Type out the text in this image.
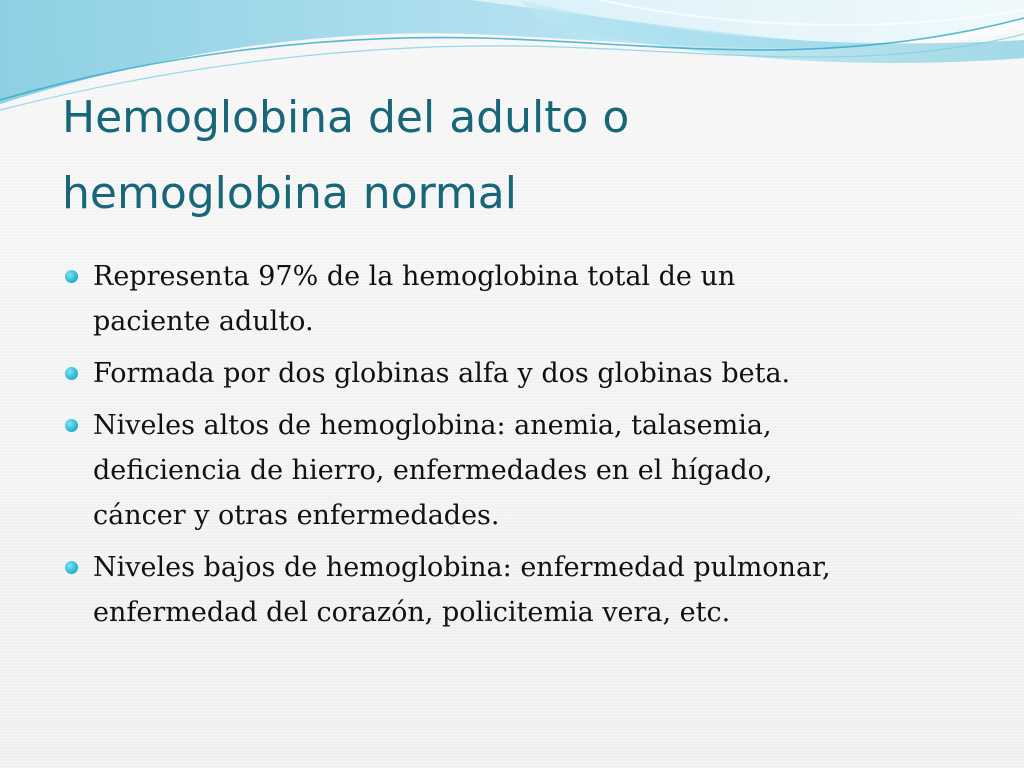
Hemoglobina del adulto o
hemoglobina normal
Representa 97% de la hemoglobina total de un
paciente adulto.
Formada por dos globinas alfa y dos globinas beta.
Niveles altos de hemoglobina: anemia, talasemia,
deficiencia de hierro, enfermedades en el hígado,
cáncer y otras enfermedades.
Niveles bajos de hemoglobina: enfermedad pulmonar,
enfermedad del corazón, policitemia vera, etc.
